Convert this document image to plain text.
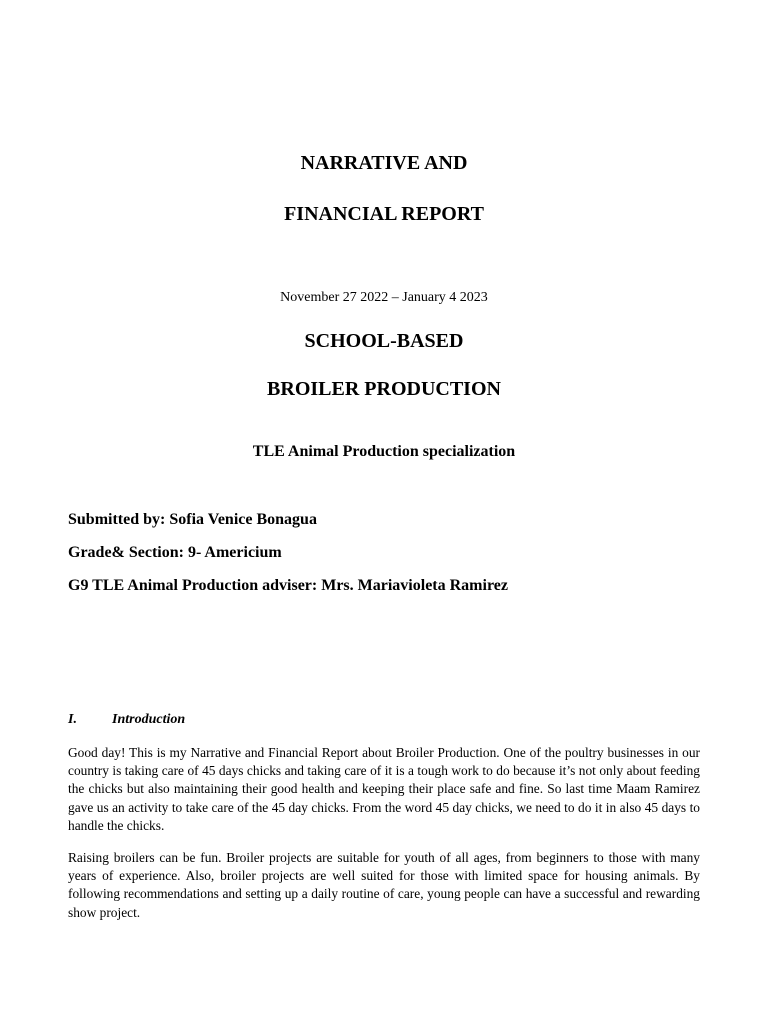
NARRATIVE AND
FINANCIAL REPORT
November 27 2022 – January 4 2023
SCHOOL-BASED
BROILER PRODUCTION
TLE Animal Production specialization
Submitted by: Sofia Venice Bonagua
Grade& Section: 9- Americium
G9 TLE Animal Production adviser: Mrs. Mariavioleta Ramirez
I.	Introduction

Good day! This is my Narrative and Financial Report about Broiler Production. One of the poultry businesses in our country is taking care of 45 days chicks and taking care of it is a tough work to do because it’s not only about feeding the chicks but also maintaining their good health and keeping their place safe and fine. So last time Maam Ramirez gave us an activity to take care of the 45 day chicks. From the word 45 day chicks, we need to do it in also 45 days to handle the chicks.

Raising broilers can be fun. Broiler projects are suitable for youth of all ages, from beginners to those with many years of experience. Also, broiler projects are well suited for those with limited space for housing animals. By following recommendations and setting up a daily routine of care, young people can have a successful and rewarding show project.
